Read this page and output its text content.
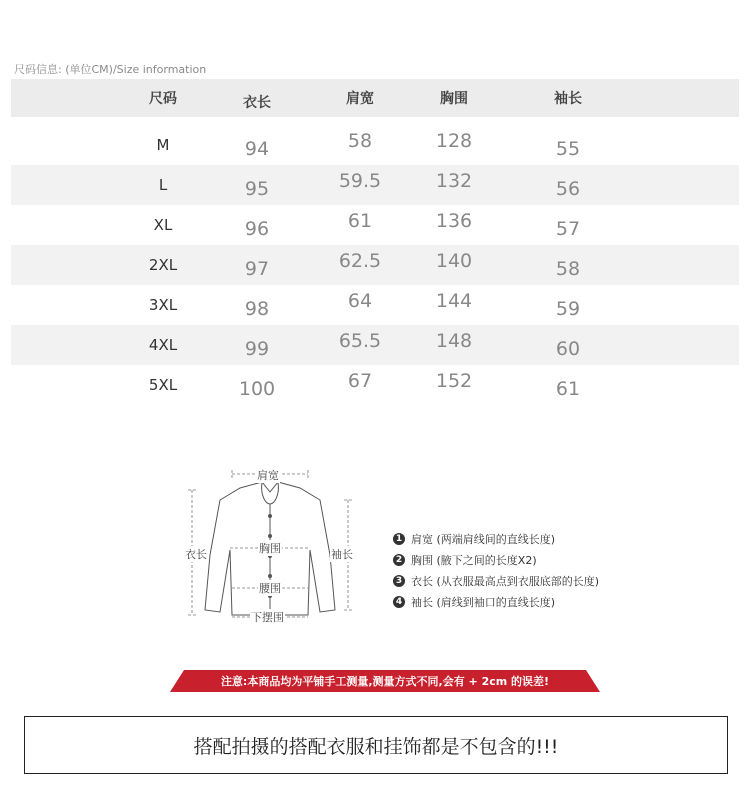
尺码信息: (单位CM)/Size information
尺码	衣长	肩宽	胸围	袖长
M	94	58	128	55
L	95	59.5	132	56
XL	96	61	136	57
2XL	97	62.5	140	58
3XL	98	64	144	59
4XL	99	65.5	148	60
5XL	100	67	152	61
肩宽
衣长	袖长
胸围
腰围
下摆围
1 肩宽 (两端肩线间的直线长度)
2 胸围 (腋下之间的长度X2)
3 衣长 (从衣服最高点到衣服底部的长度)
4 袖长 (肩线到袖口的直线长度)
注意:本商品均为平铺手工测量,测量方式不同,会有 + 2cm 的误差!
搭配拍摄的搭配衣服和挂饰都是不包含的!!!
